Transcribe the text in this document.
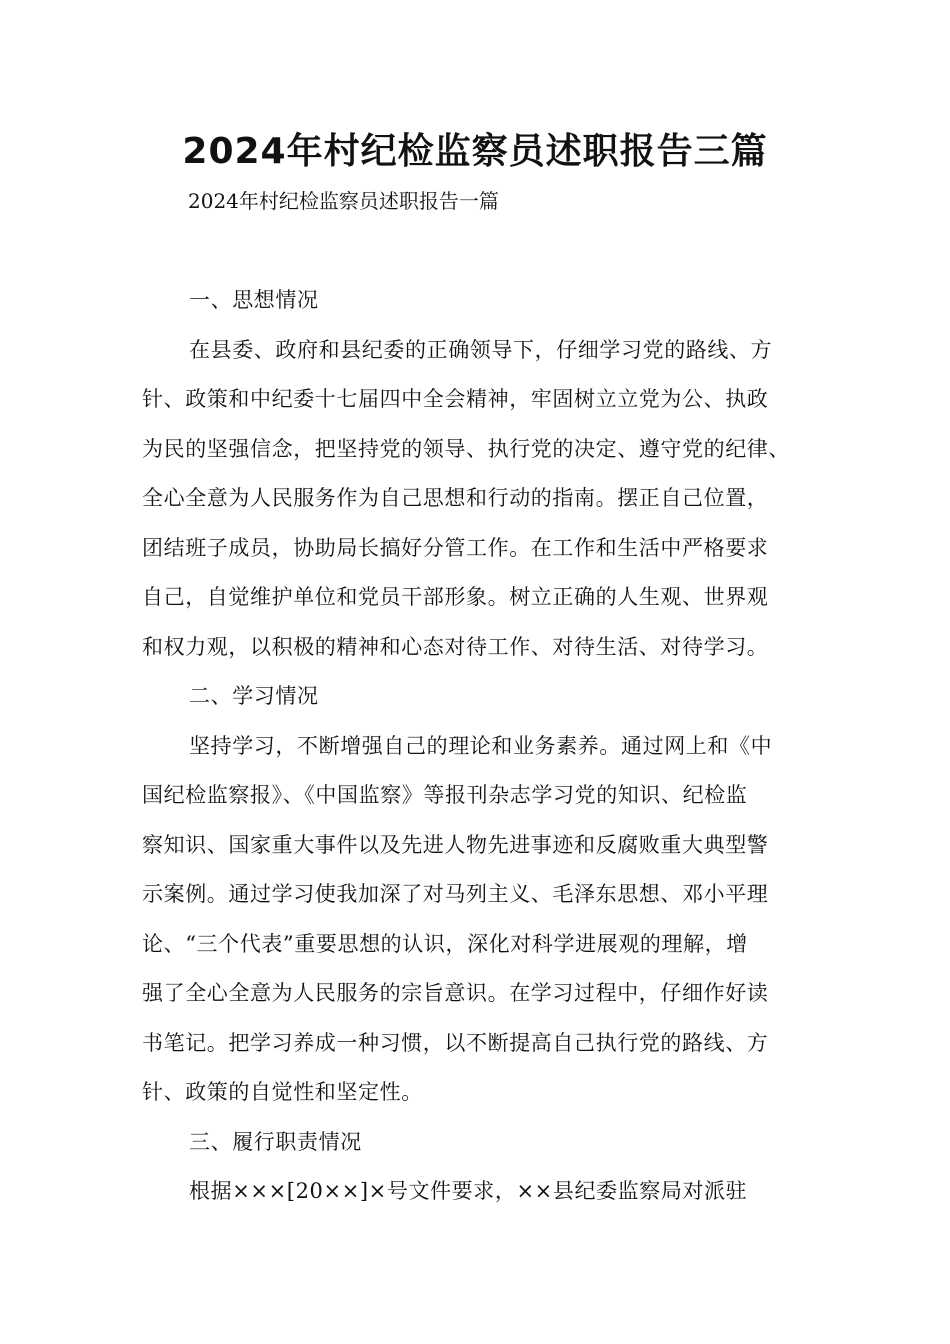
2024年村纪检监察员述职报告三篇

2024年村纪检监察员述职报告一篇

一、思想情况
在县委、政府和县纪委的正确领导下，仔细学习党的路线、方
针、政策和中纪委十七届四中全会精神，牢固树立立党为公、执政
为民的坚强信念，把坚持党的领导、执行党的决定、遵守党的纪律、
全心全意为人民服务作为自己思想和行动的指南。摆正自己位置，
团结班子成员，协助局长搞好分管工作。在工作和生活中严格要求
自己，自觉维护单位和党员干部形象。树立正确的人生观、世界观
和权力观，以积极的精神和心态对待工作、对待生活、对待学习。
二、学习情况
坚持学习，不断增强自己的理论和业务素养。通过网上和《中
国纪检监察报》、《中国监察》等报刊杂志学习党的知识、纪检监
察知识、国家重大事件以及先进人物先进事迹和反腐败重大典型警
示案例。通过学习使我加深了对马列主义、毛泽东思想、邓小平理
论、“三个代表”重要思想的认识，深化对科学进展观的理解，增
强了全心全意为人民服务的宗旨意识。在学习过程中，仔细作好读
书笔记。把学习养成一种习惯，以不断提高自己执行党的路线、方
针、政策的自觉性和坚定性。
三、履行职责情况
根据×××[20××]×号文件要求，××县纪委监察局对派驻
